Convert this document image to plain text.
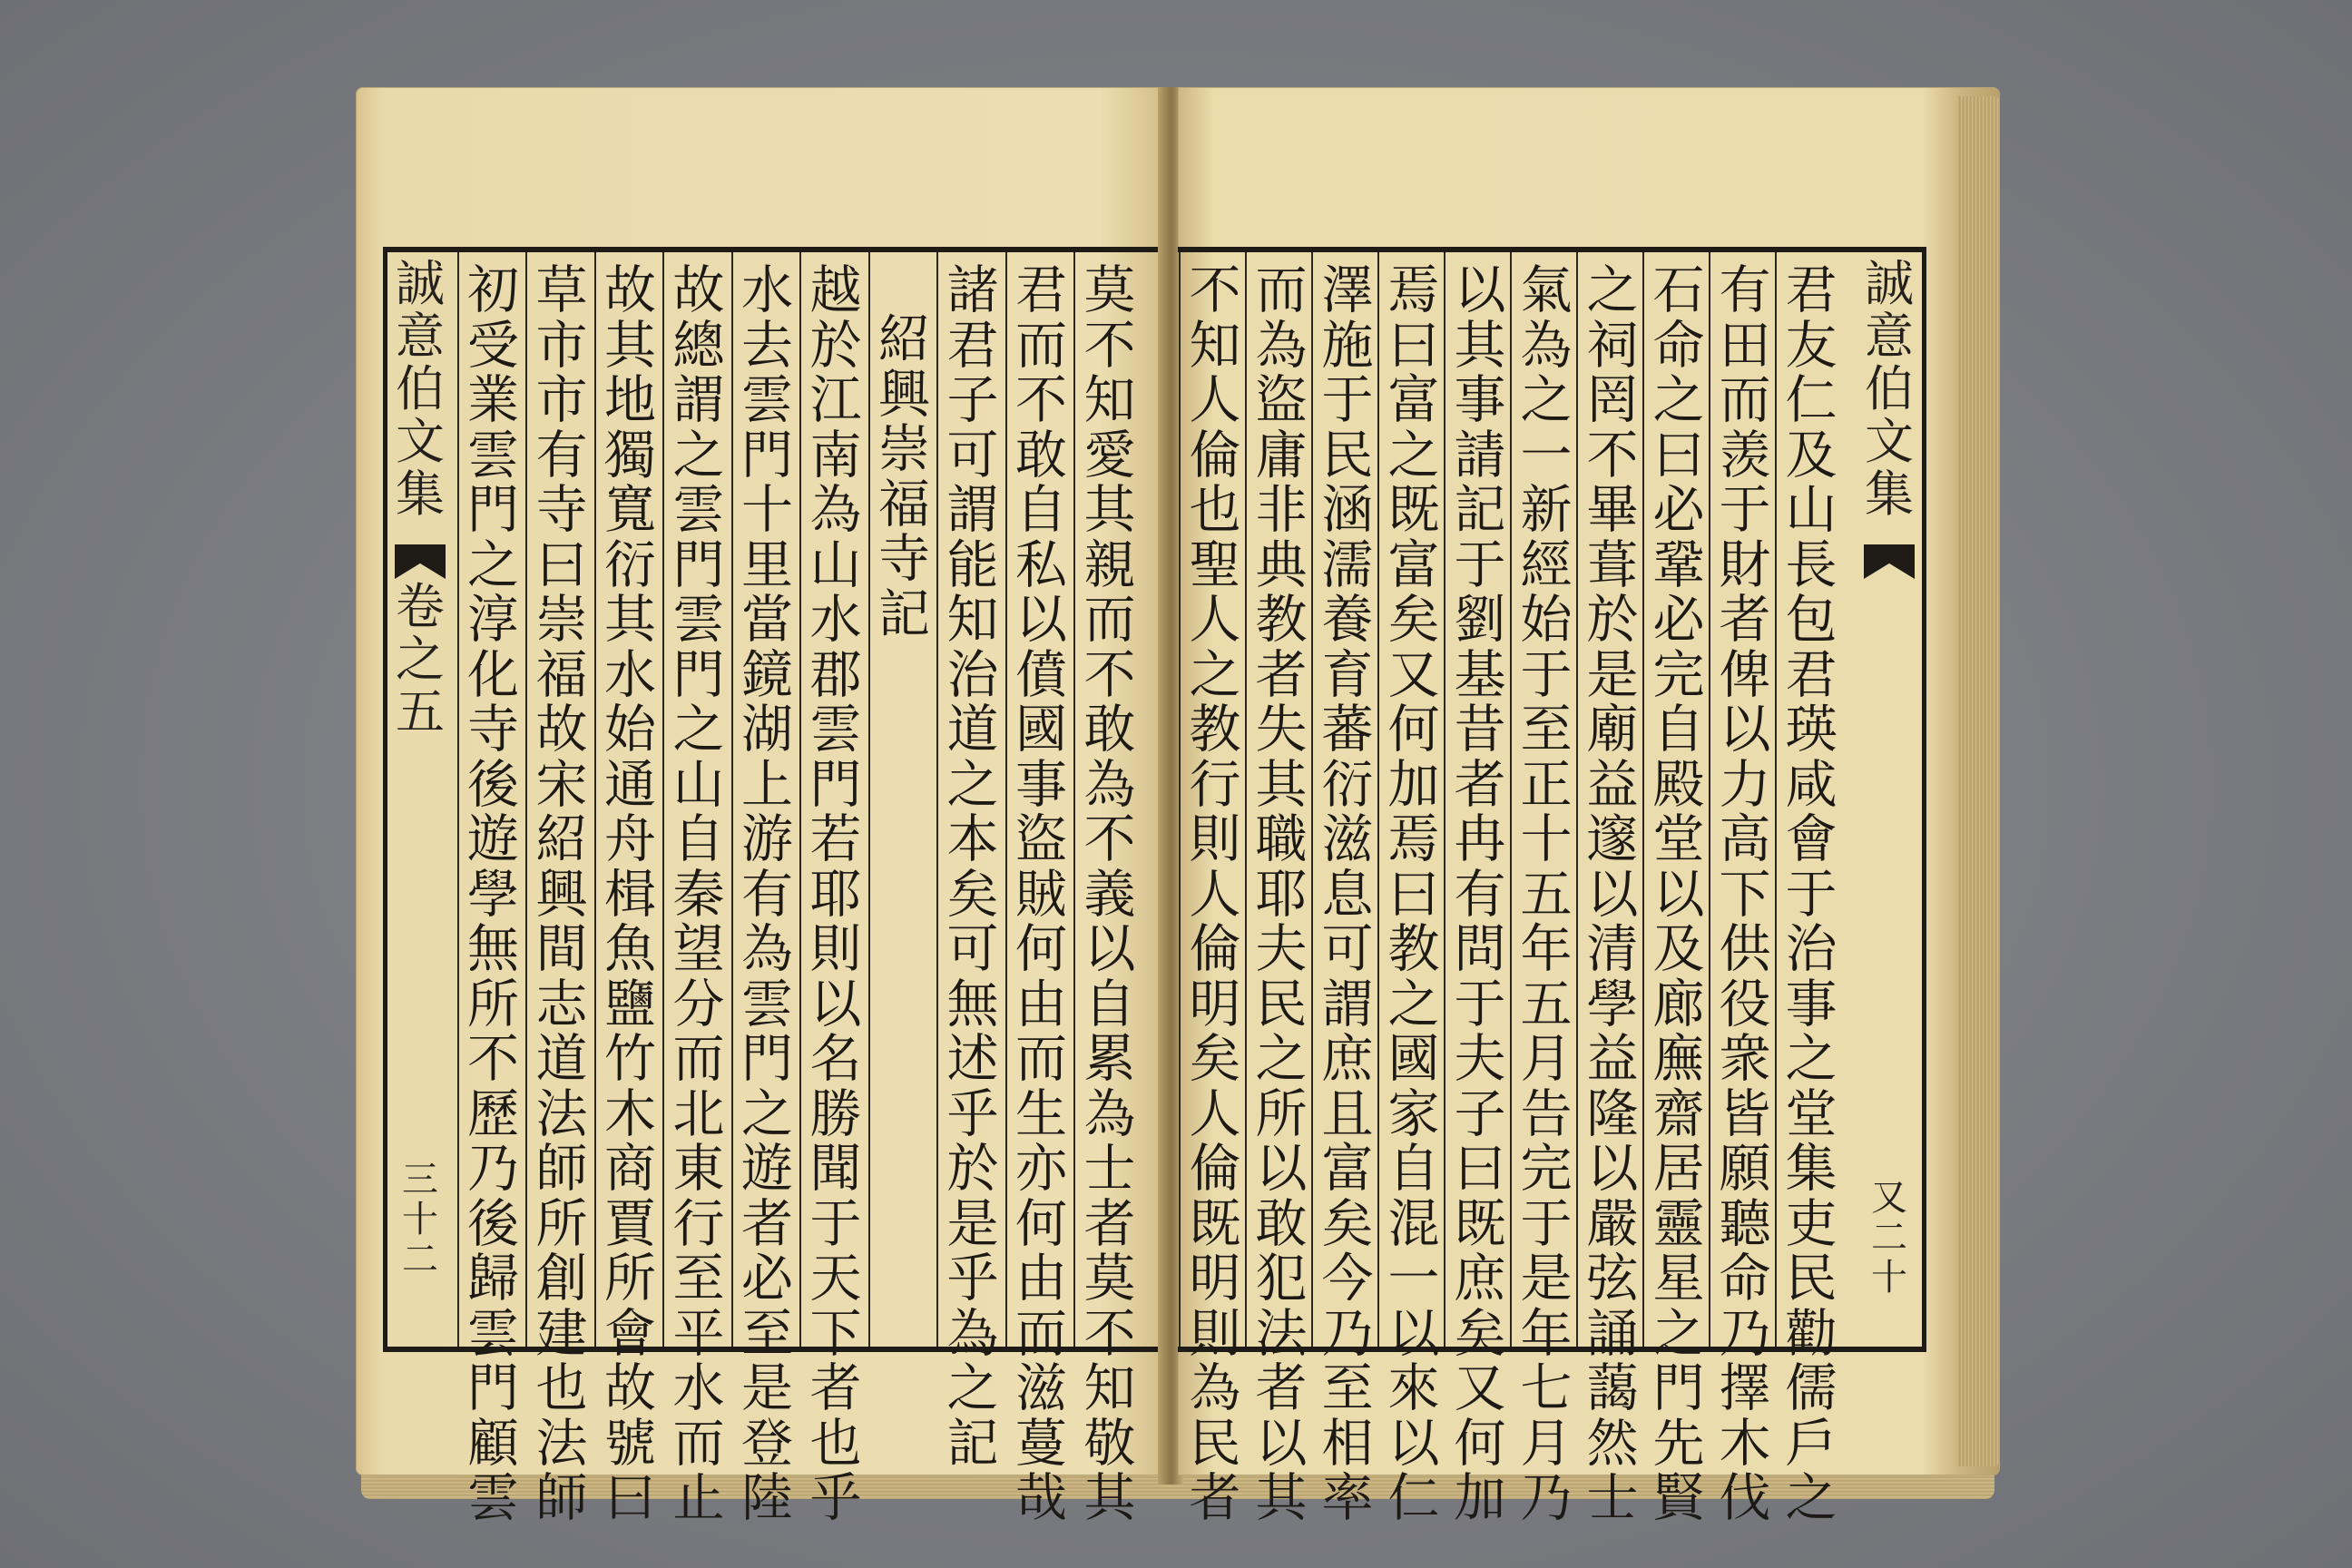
誠
意
伯
文
集
卷
之
五
三
十
二
莫
不
知
愛
其
親
而
不
敢
為
不
義
以
自
累
為
士
者
莫
不
知
敬
其
君
而
不
敢
自
私
以
僨
國
事
盜
賊
何
由
而
生
亦
何
由
而
滋
蔓
哉
諸
君
子
可
謂
能
知
治
道
之
本
矣
可
無
述
乎
於
是
乎
為
之
記
紹
興
崇
福
寺
記
越
於
江
南
為
山
水
郡
雲
門
若
耶
則
以
名
勝
聞
于
天
下
者
也
乎
水
去
雲
門
十
里
當
鏡
湖
上
游
有
為
雲
門
之
遊
者
必
至
是
登
陸
故
總
謂
之
雲
門
雲
門
之
山
自
秦
望
分
而
北
東
行
至
平
水
而
止
故
其
地
獨
寬
衍
其
水
始
通
舟
楫
魚
鹽
竹
木
商
賈
所
會
故
號
曰
草
市
市
有
寺
曰
崇
福
故
宋
紹
興
間
志
道
法
師
所
創
建
也
法
師
初
受
業
雲
門
之
淳
化
寺
後
遊
學
無
所
不
歷
乃
後
歸
雲
門
顧
雲
君
友
仁
及
山
長
包
君
瑛
咸
會
于
治
事
之
堂
集
吏
民
勸
儒
戶
之
有
田
而
羡
于
財
者
俾
以
力
高
下
供
役
衆
皆
願
聽
命
乃
擇
木
伐
石
命
之
曰
必
鞏
必
完
自
殿
堂
以
及
廊
廡
齋
居
靈
星
之
門
先
賢
之
祠
罔
不
畢
葺
於
是
廟
益
邃
以
清
學
益
隆
以
嚴
弦
誦
藹
然
士
氣
為
之
一
新
經
始
于
至
正
十
五
年
五
月
告
完
于
是
年
七
月
乃
以
其
事
請
記
于
劉
基
昔
者
冉
有
問
于
夫
子
曰
既
庶
矣
又
何
加
焉
曰
富
之
既
富
矣
又
何
加
焉
曰
教
之
國
家
自
混
一
以
來
以
仁
澤
施
于
民
涵
濡
養
育
蕃
衍
滋
息
可
謂
庶
且
富
矣
今
乃
至
相
率
而
為
盜
庸
非
典
教
者
失
其
職
耶
夫
民
之
所
以
敢
犯
法
者
以
其
不
知
人
倫
也
聖
人
之
教
行
則
人
倫
明
矣
人
倫
既
明
則
為
民
者
誠
意
伯
文
集
又
二
十
